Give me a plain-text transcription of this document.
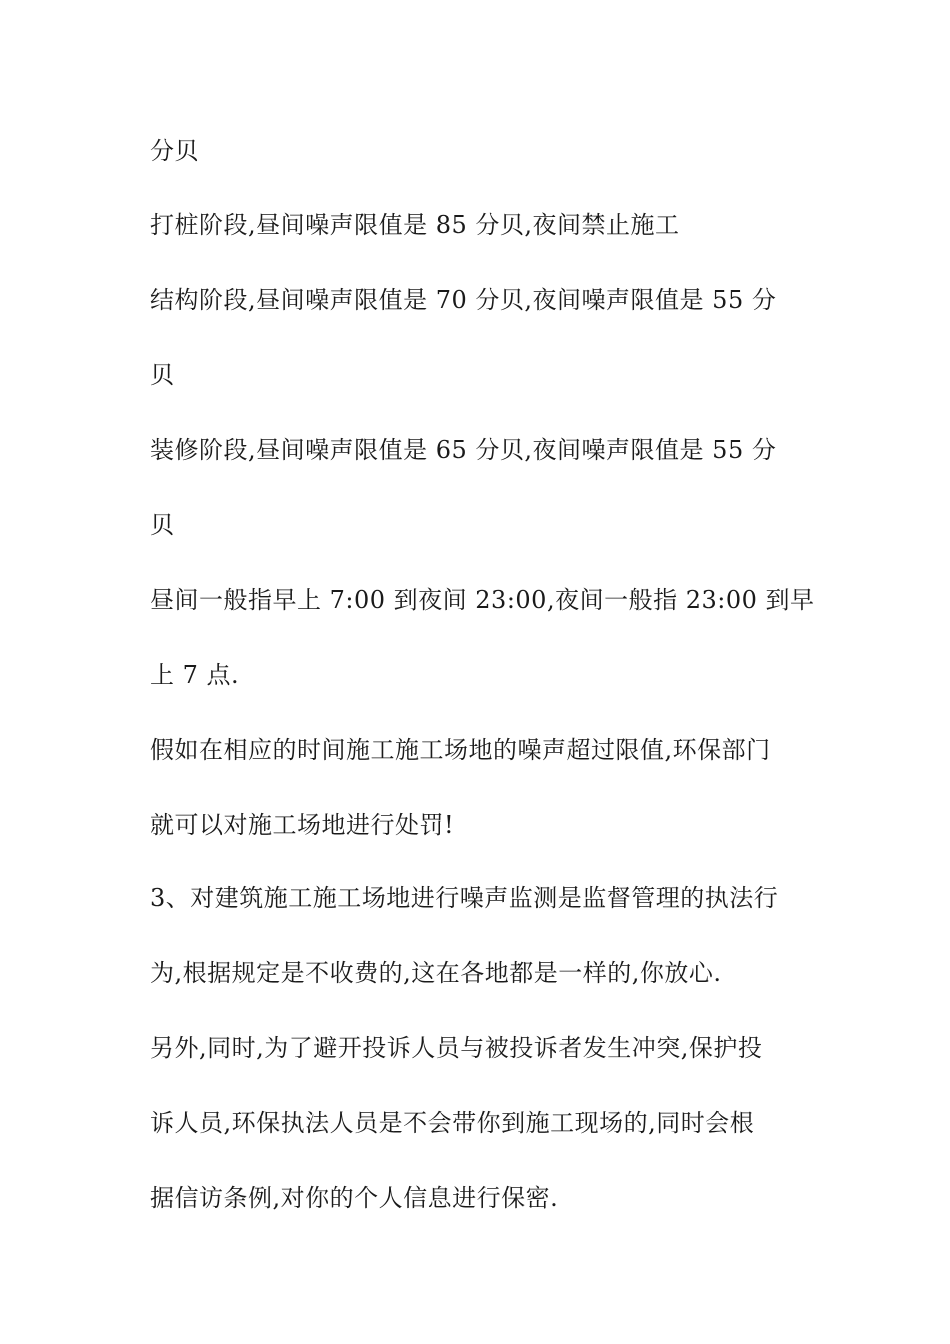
分贝
打桩阶段,昼间噪声限值是 85 分贝,夜间禁止施工
结构阶段,昼间噪声限值是 70 分贝,夜间噪声限值是 55 分
贝
装修阶段,昼间噪声限值是 65 分贝,夜间噪声限值是 55 分
贝
昼间一般指早上 7:00 到夜间 23:00,夜间一般指 23:00 到早
上 7 点.
假如在相应的时间施工施工场地的噪声超过限值,环保部门
就可以对施工场地进行处罚!
3、对建筑施工施工场地进行噪声监测是监督管理的执法行
为,根据规定是不收费的,这在各地都是一样的,你放心.
另外,同时,为了避开投诉人员与被投诉者发生冲突,保护投
诉人员,环保执法人员是不会带你到施工现场的,同时会根
据信访条例,对你的个人信息进行保密.
